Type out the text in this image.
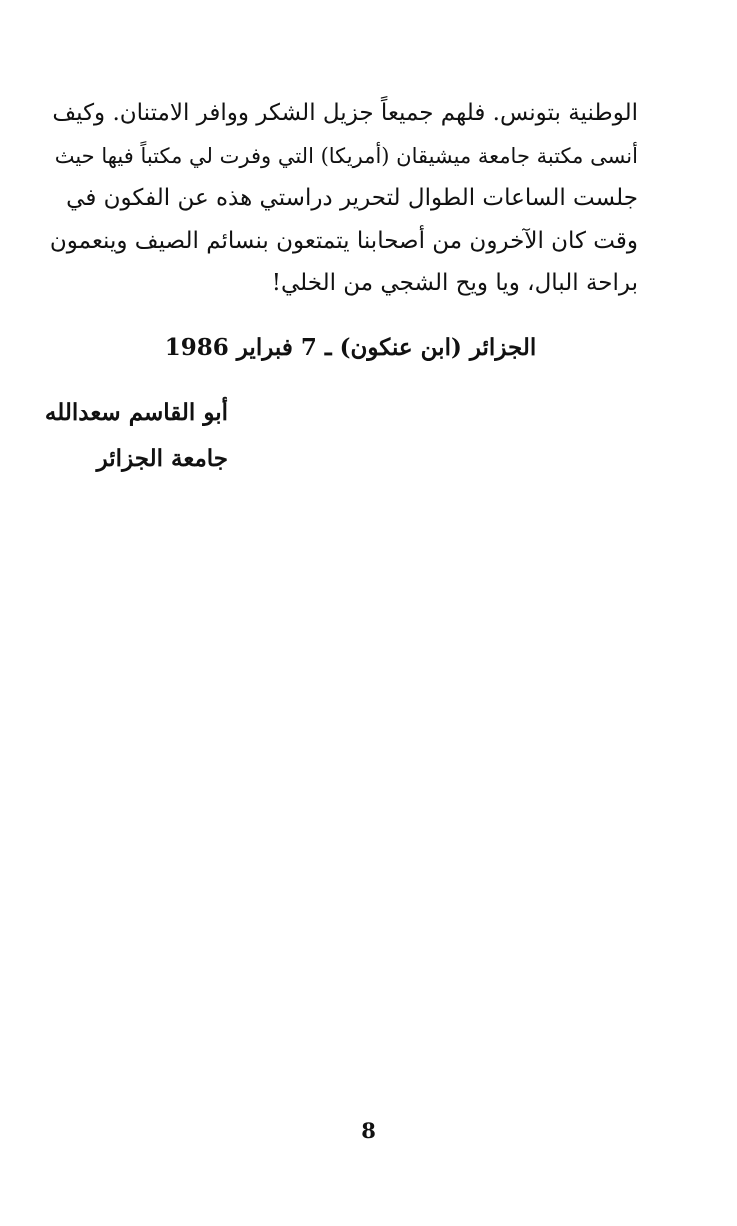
الوطنية بتونس. فلهم جميعاً جزيل الشكر ووافر الامتنان. وكيف
أنسى مكتبة جامعة ميشيقان (أمريكا) التي وفرت لي مكتباً فيها حيث
جلست الساعات الطوال لتحرير دراستي هذه عن الفكون في
وقت كان الآخرون من أصحابنا يتمتعون بنسائم الصيف وينعمون
براحة البال، ويا ويح الشجي من الخلي!
الجزائر (ابن عنكون) ـ 7 فبراير 1986
أبو القاسم سعدالله
جامعة الجزائر
8
